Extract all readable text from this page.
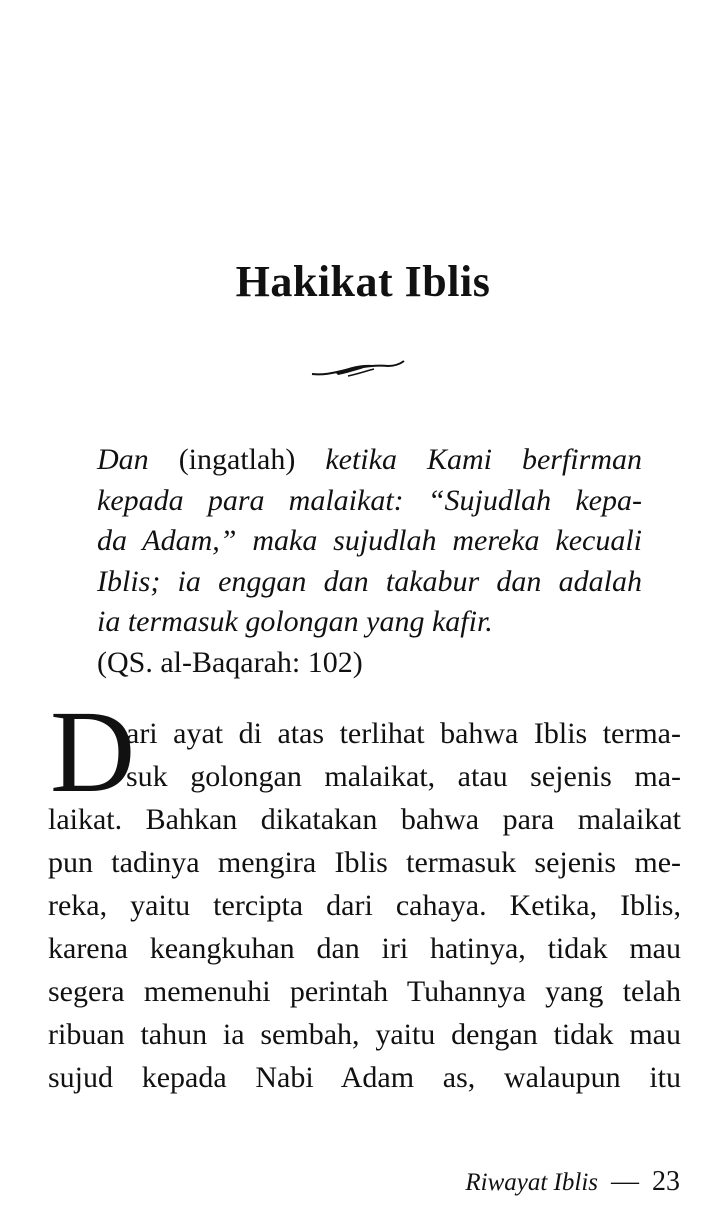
Hakikat Iblis
Dan (ingatlah) ketika Kami berfirman
kepada para malaikat: “Sujudlah kepa-
da Adam,” maka sujudlah mereka kecuali
Iblis; ia enggan dan takabur dan adalah
ia termasuk golongan yang kafir.
(QS. al-Baqarah: 102)
D
ari ayat di atas terlihat bahwa Iblis terma-
suk golongan malaikat, atau sejenis ma-
laikat. Bahkan dikatakan bahwa para malaikat
pun tadinya mengira Iblis termasuk sejenis me-
reka, yaitu tercipta dari cahaya. Ketika, Iblis,
karena keangkuhan dan iri hatinya, tidak mau
segera memenuhi perintah Tuhannya yang telah
ribuan tahun ia sembah, yaitu dengan tidak mau
sujud kepada Nabi Adam as, walaupun itu
Riwayat Iblis — 23
